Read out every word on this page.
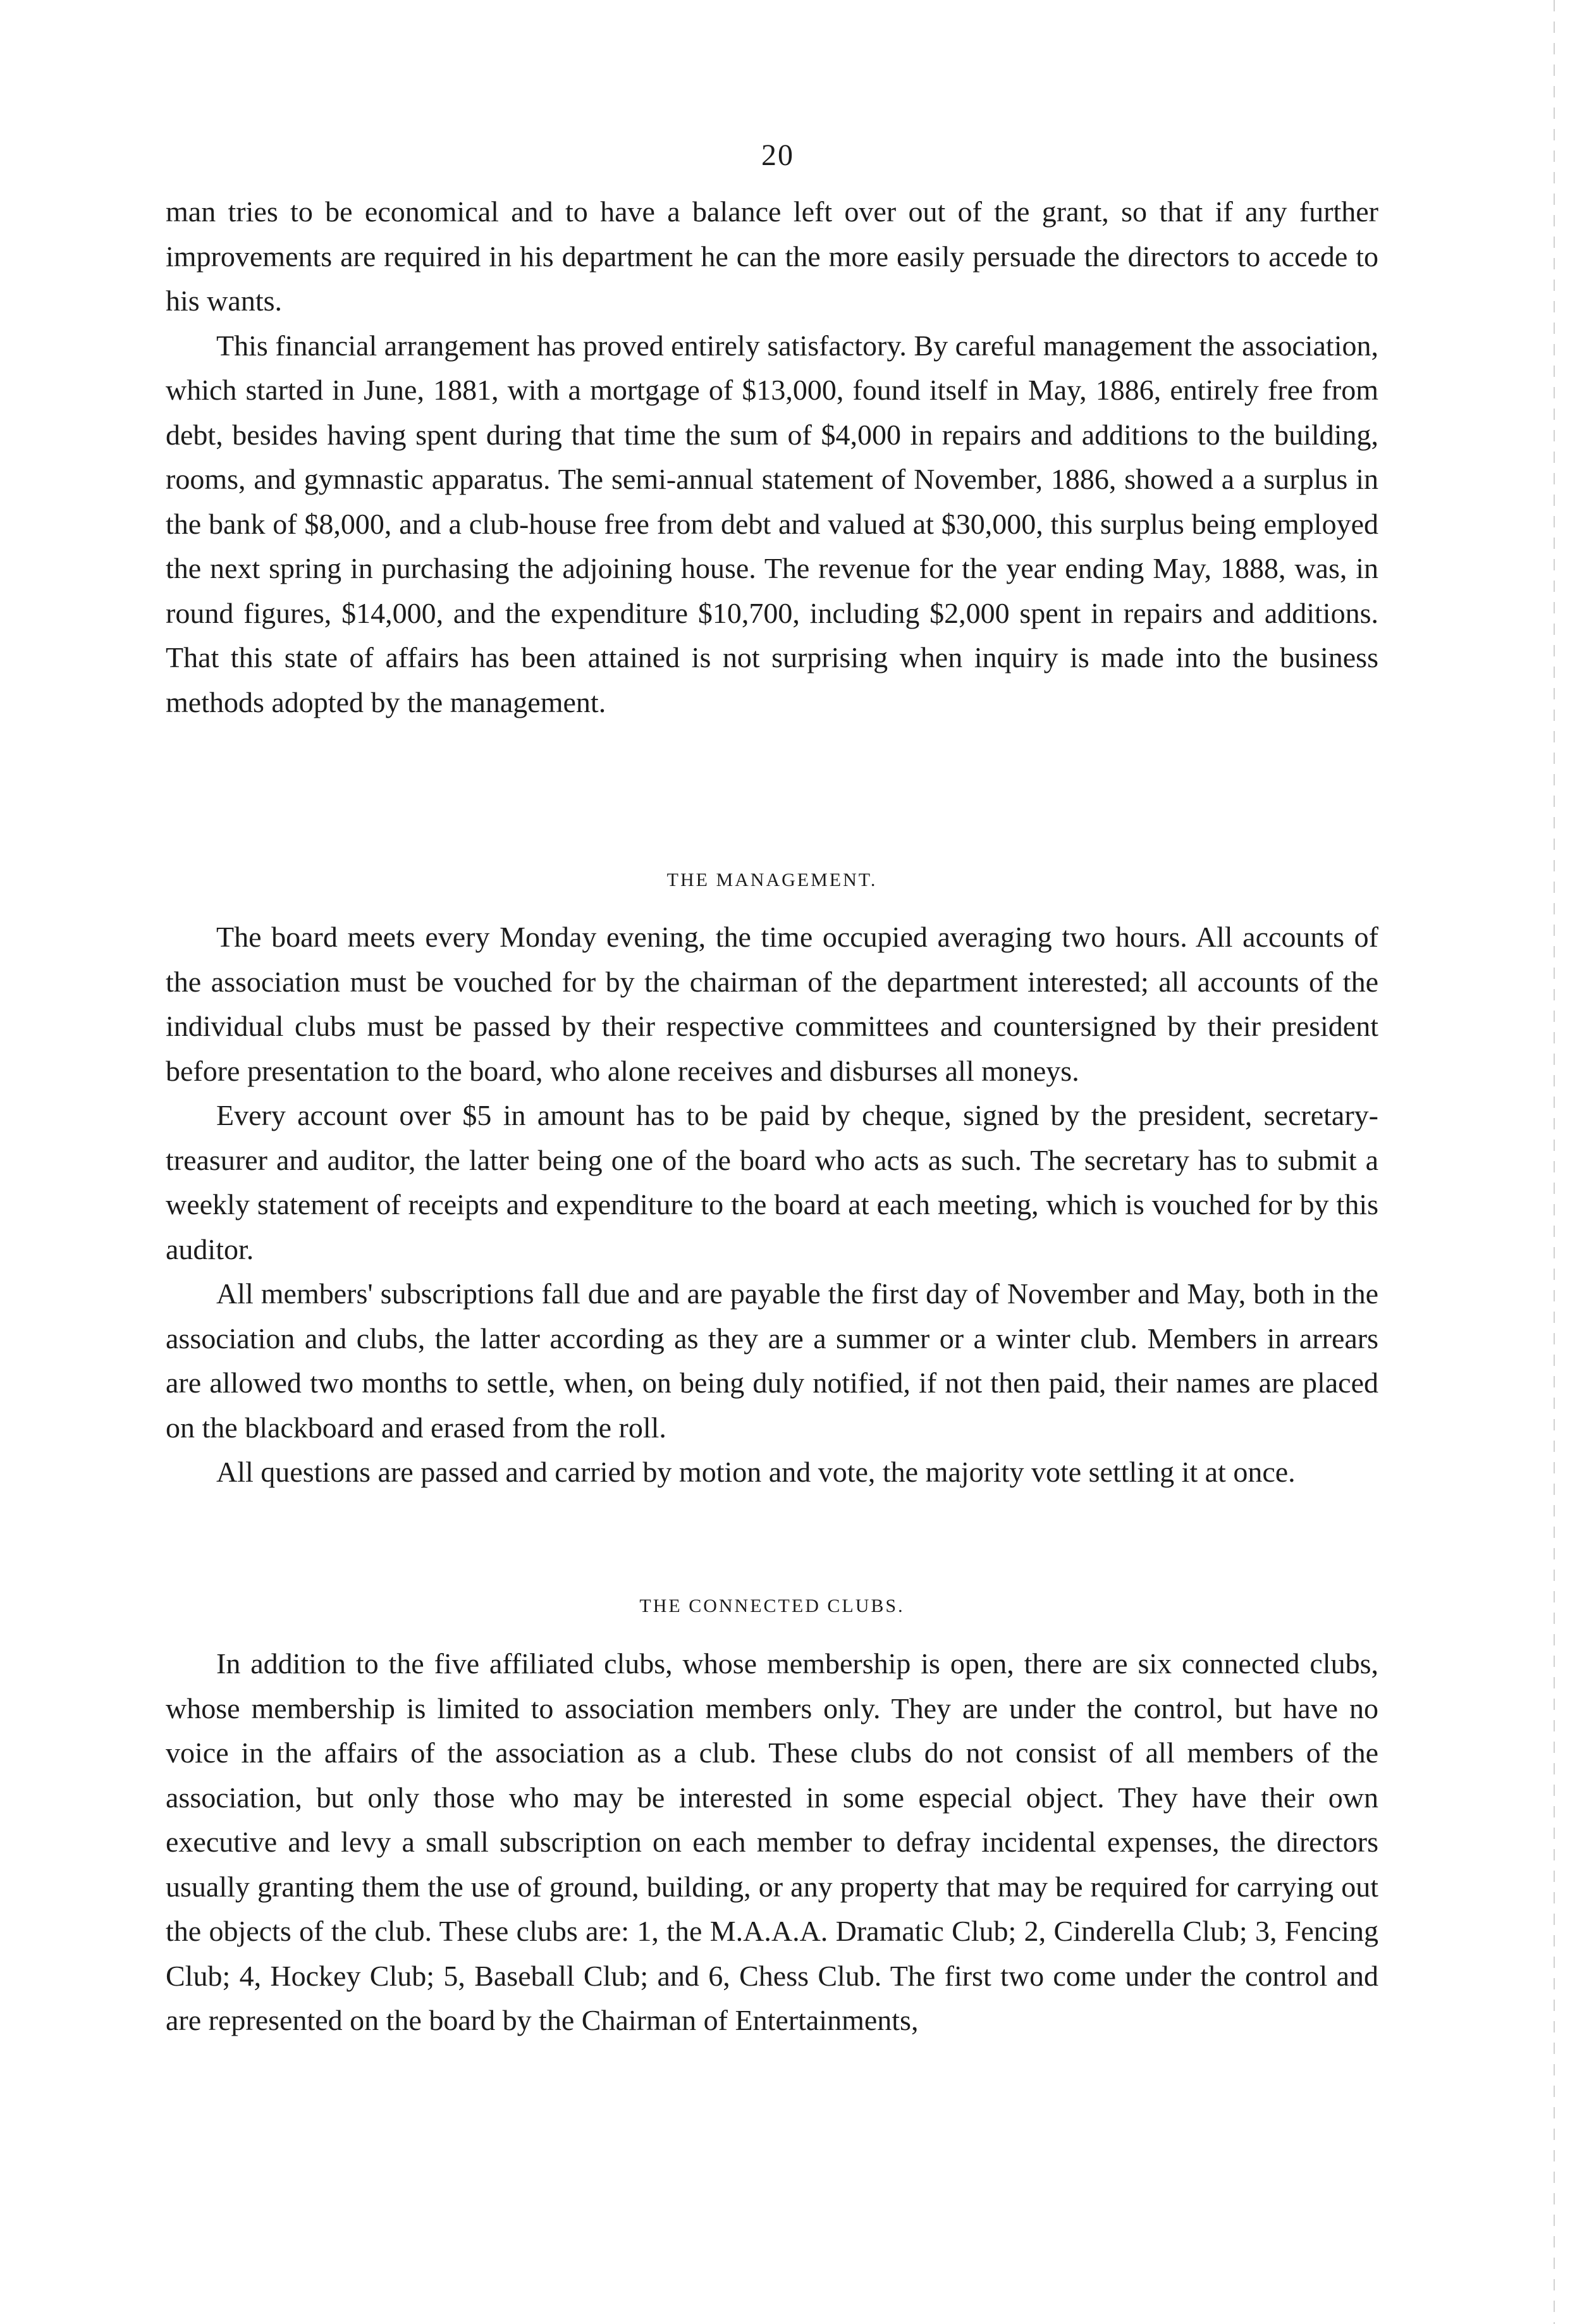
20

man tries to be economical and to have a balance left over out of the grant, so that if any further improvements are required in his department he can the more easily persuade the directors to accede to his wants.

This financial arrangement has proved entirely satisfactory. By careful management the association, which started in June, 1881, with a mortgage of $13,000, found itself in May, 1886, entirely free from debt, besides having spent during that time the sum of $4,000 in repairs and additions to the building, rooms, and gymnastic apparatus. The semi-annual statement of November, 1886, showed a a surplus in the bank of $8,000, and a club-house free from debt and valued at $30,000, this surplus being employed the next spring in purchasing the adjoining house. The revenue for the year ending May, 1888, was, in round figures, $14,000, and the expenditure $10,700, including $2,000 spent in repairs and additions. That this state of affairs has been attained is not surprising when inquiry is made into the business methods adopted by the management.

THE MANAGEMENT.

The board meets every Monday evening, the time occupied averaging two hours. All accounts of the association must be vouched for by the chairman of the department interested; all accounts of the individual clubs must be passed by their respective committees and countersigned by their president before presentation to the board, who alone receives and disburses all moneys.

Every account over $5 in amount has to be paid by cheque, signed by the president, secretary-treasurer and auditor, the latter being one of the board who acts as such. The secretary has to submit a weekly statement of receipts and expenditure to the board at each meeting, which is vouched for by this auditor.

All members' subscriptions fall due and are payable the first day of November and May, both in the association and clubs, the latter according as they are a summer or a winter club. Members in arrears are allowed two months to settle, when, on being duly notified, if not then paid, their names are placed on the blackboard and erased from the roll.

All questions are passed and carried by motion and vote, the majority vote settling it at once.

THE CONNECTED CLUBS.

In addition to the five affiliated clubs, whose membership is open, there are six connected clubs, whose membership is limited to association members only. They are under the control, but have no voice in the affairs of the association as a club. These clubs do not consist of all members of the association, but only those who may be interested in some especial object. They have their own executive and levy a small subscription on each member to defray incidental expenses, the directors usually granting them the use of ground, building, or any property that may be required for carrying out the objects of the club. These clubs are: 1, the M.A.A.A. Dramatic Club; 2, Cinderella Club; 3, Fencing Club; 4, Hockey Club; 5, Baseball Club; and 6, Chess Club. The first two come under the control and are represented on the board by the Chairman of Entertainments,
